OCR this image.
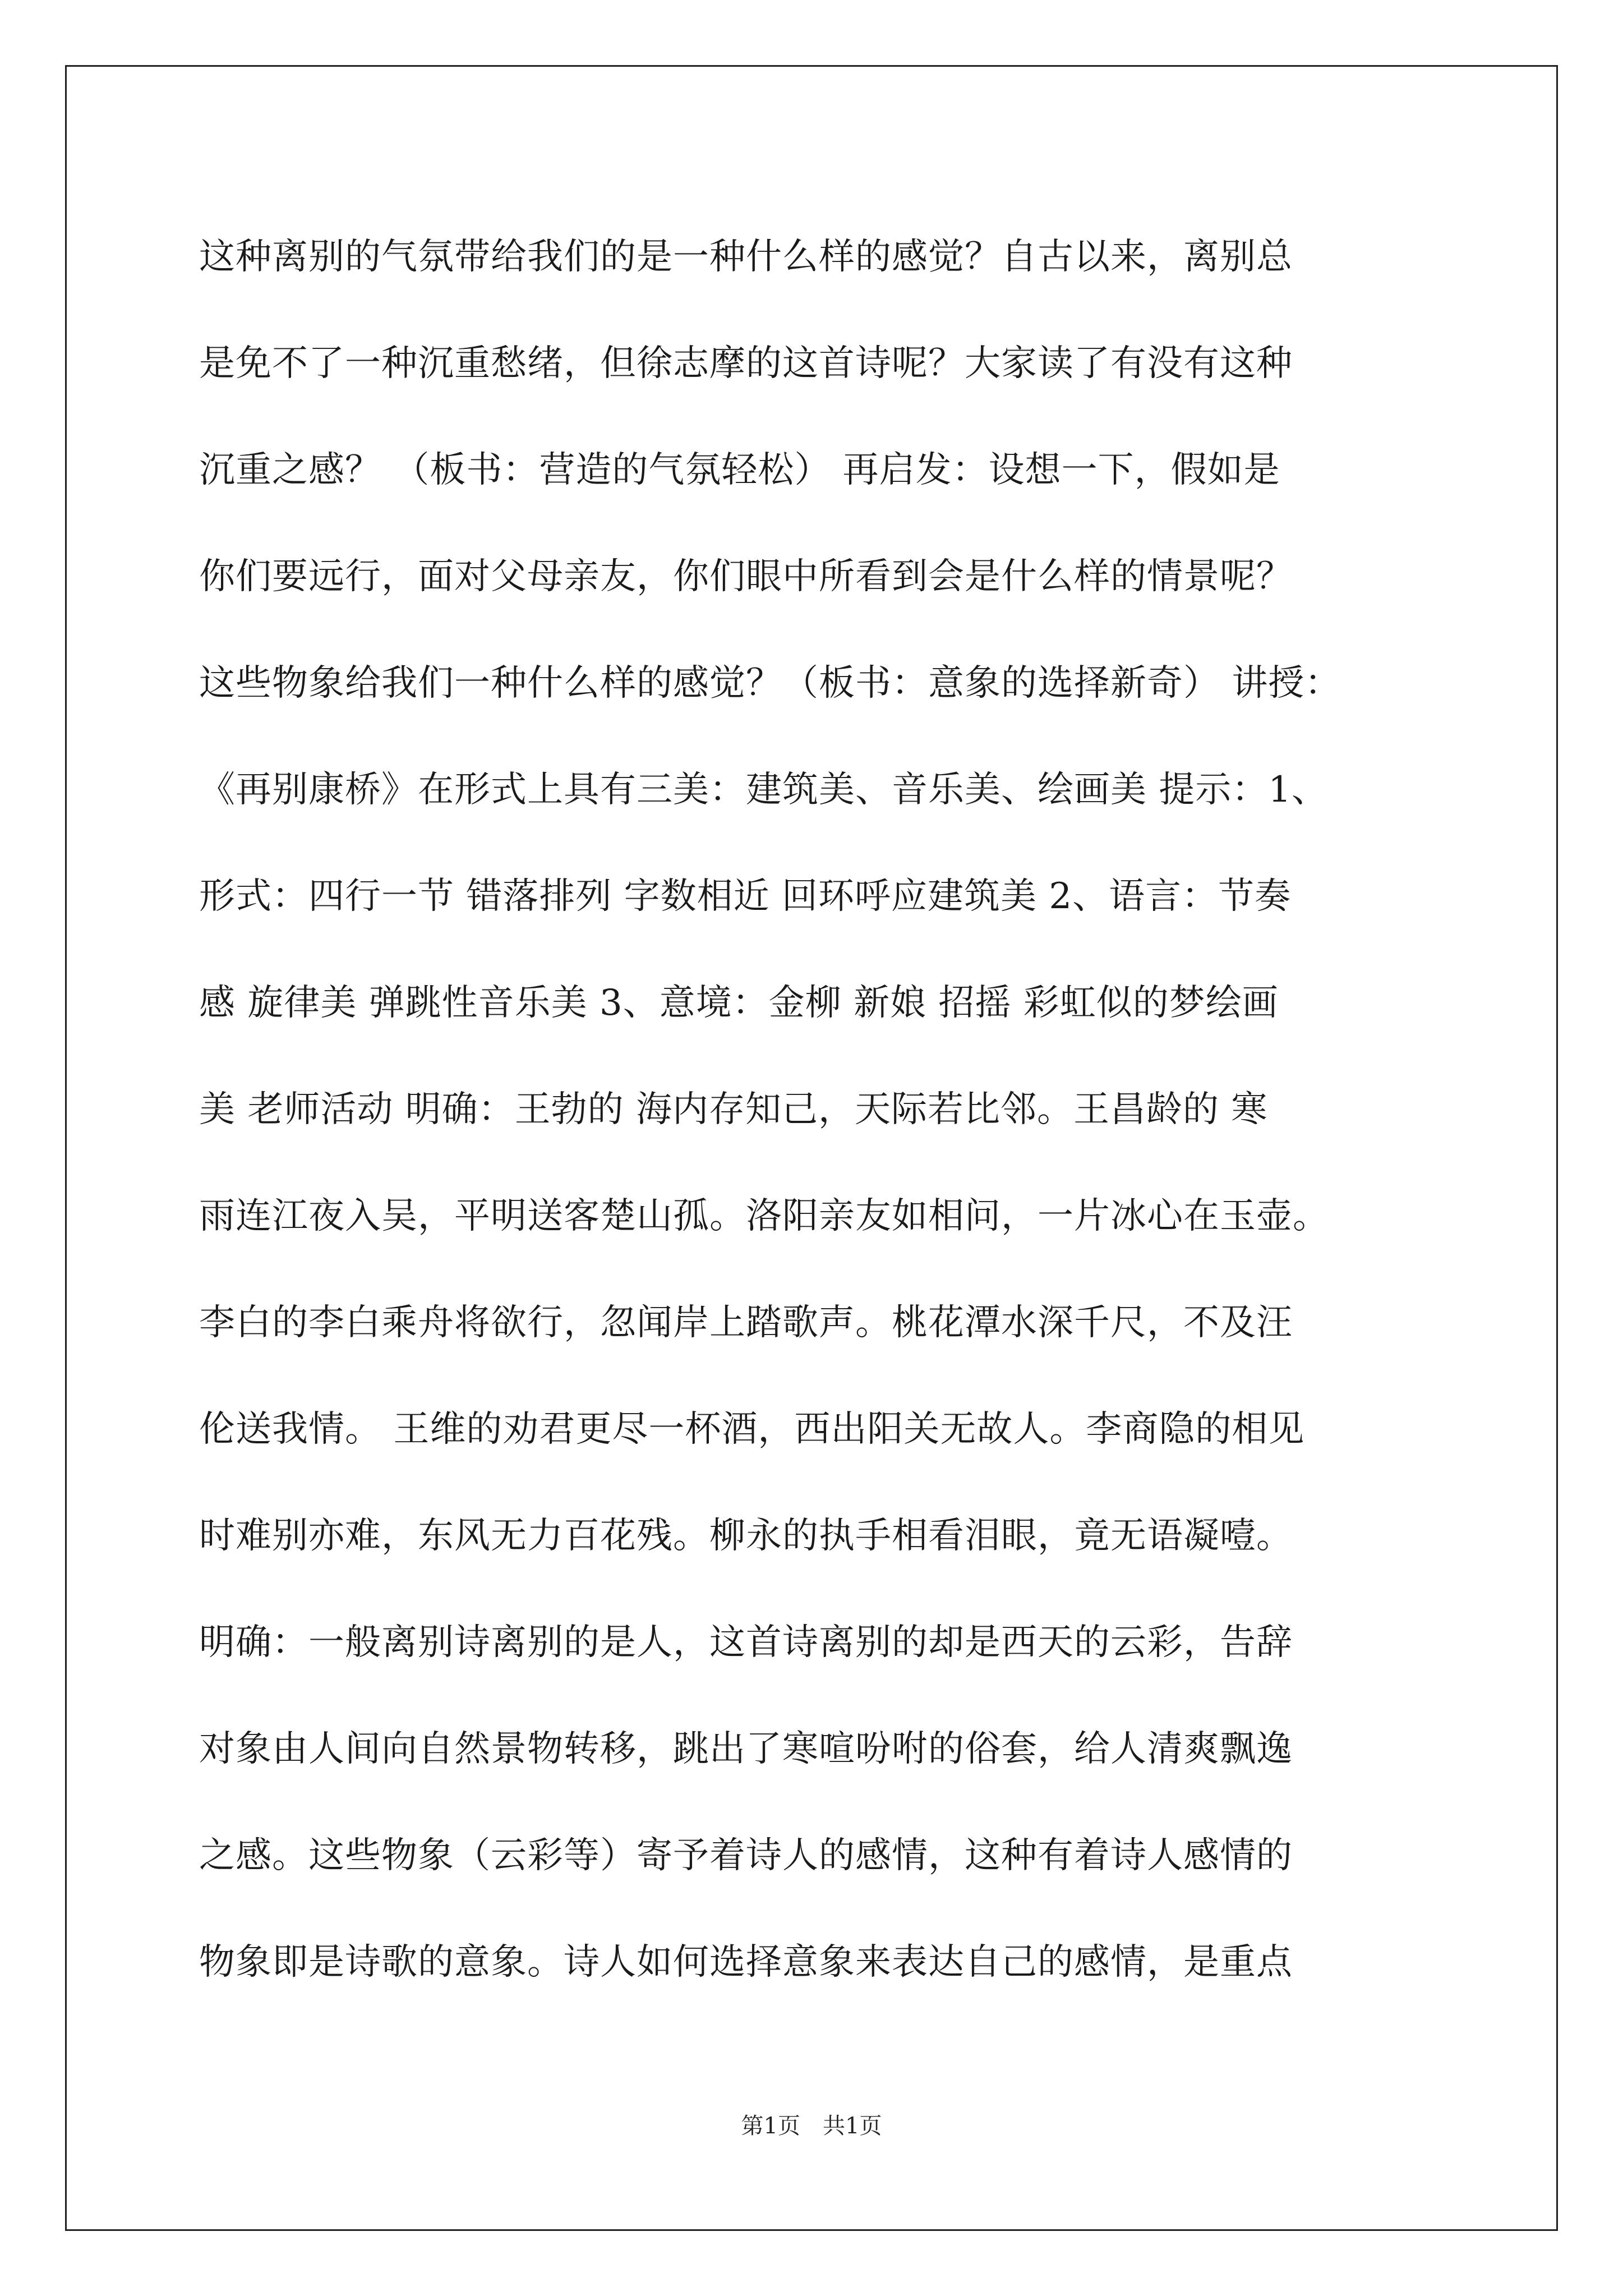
这种离别的气氛带给我们的是一种什么样的感觉？自古以来，离别总
是免不了一种沉重愁绪，但徐志摩的这首诗呢？大家读了有没有这种
沉重之感？ （板书：营造的气氛轻松） 再启发：设想一下，假如是
你们要远行，面对父母亲友，你们眼中所看到会是什么样的情景呢？
这些物象给我们一种什么样的感觉？（板书：意象的选择新奇） 讲授：
《再别康桥》在形式上具有三美：建筑美、音乐美、绘画美 提示：1、
形式：四行一节 错落排列 字数相近 回环呼应建筑美 2、语言：节奏
感 旋律美 弹跳性音乐美 3、意境：金柳 新娘 招摇 彩虹似的梦绘画
美 老师活动 明确：王勃的 海内存知己，天际若比邻。王昌龄的 寒
雨连江夜入吴，平明送客楚山孤。洛阳亲友如相问，一片冰心在玉壶。
李白的李白乘舟将欲行，忽闻岸上踏歌声。桃花潭水深千尺，不及汪
伦送我情。 王维的劝君更尽一杯酒，西出阳关无故人。李商隐的相见
时难别亦难，东风无力百花残。柳永的执手相看泪眼，竟无语凝噎。
明确：一般离别诗离别的是人，这首诗离别的却是西天的云彩，告辞
对象由人间向自然景物转移，跳出了寒喧吩咐的俗套，给人清爽飘逸
之感。这些物象（云彩等）寄予着诗人的感情，这种有着诗人感情的
物象即是诗歌的意象。诗人如何选择意象来表达自己的感情，是重点
第1页　共1页
